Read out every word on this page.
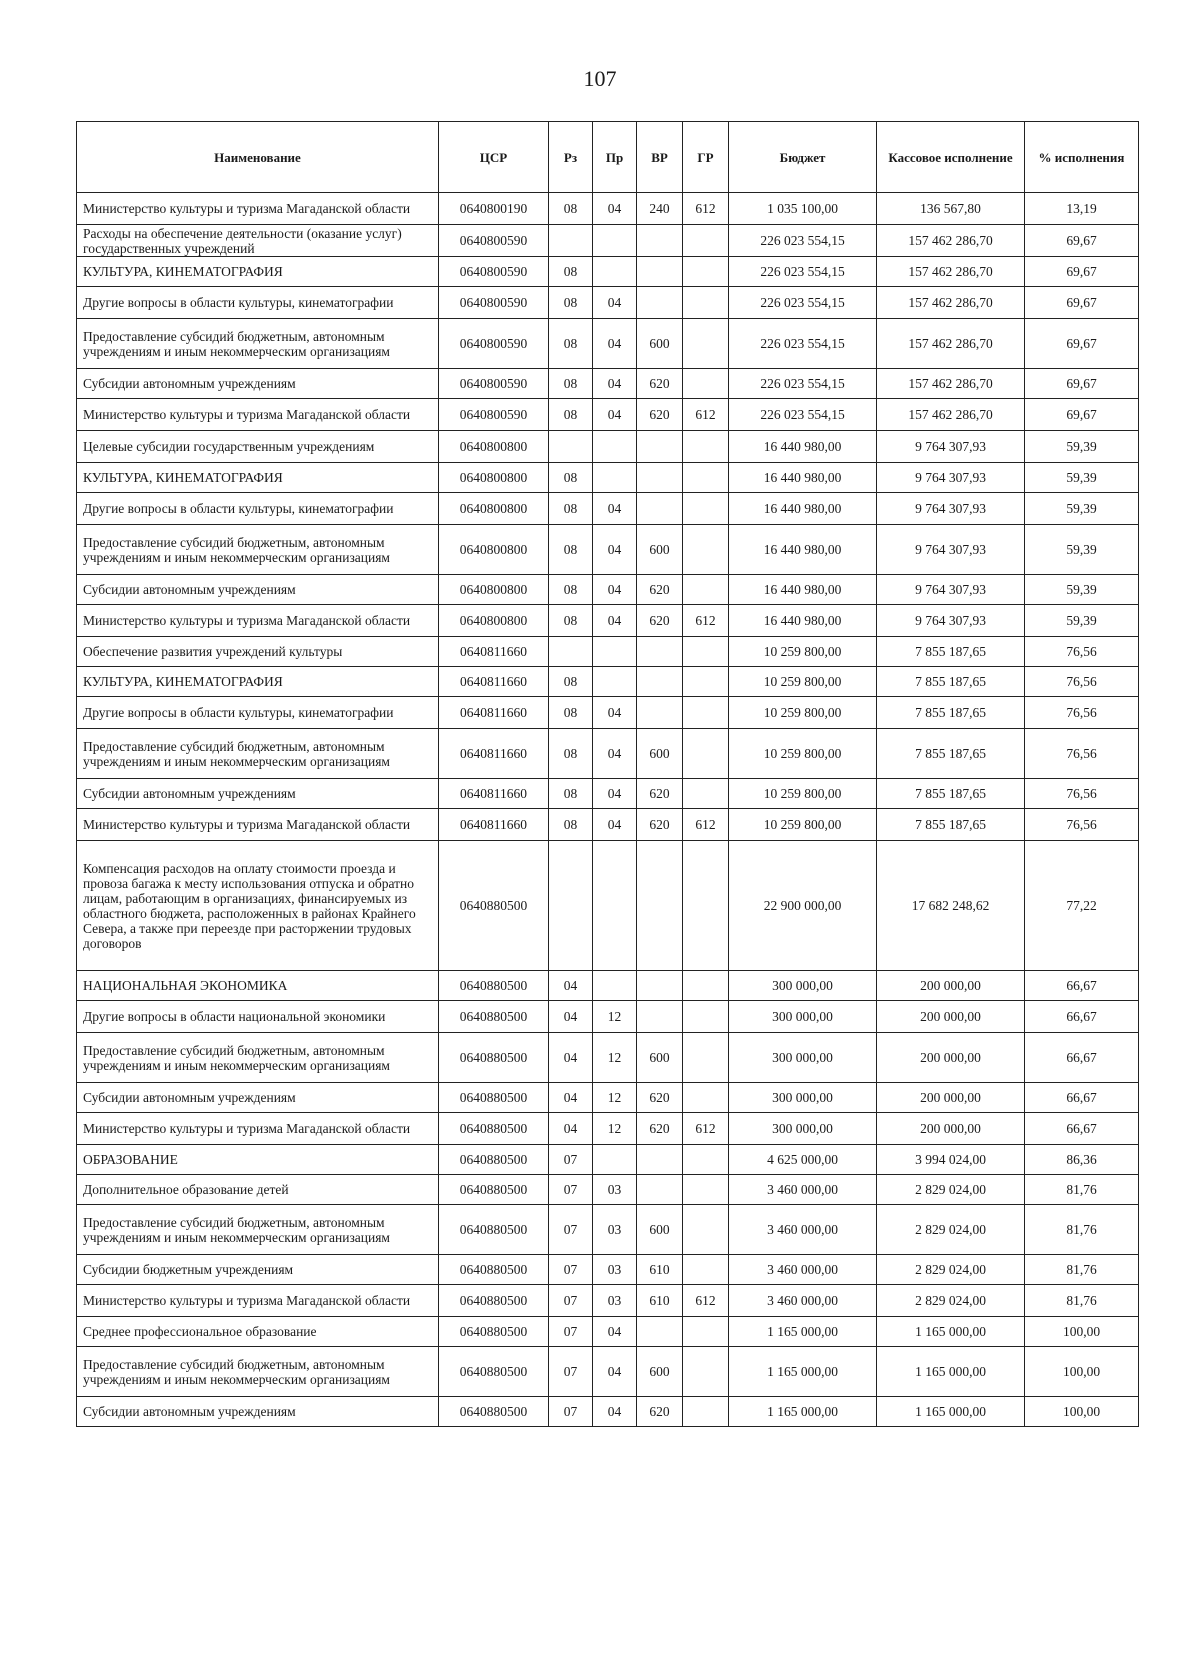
107
Наименование	ЦСР	Рз	Пр	ВР	ГР	Бюджет	Кассовое исполнение	% исполнения
Министерство культуры и туризма Магаданской области	0640800190	08	04	240	612	1 035 100,00	136 567,80	13,19
Расходы на обеспечение деятельности (оказание услуг) государственных учреждений	0640800590					226 023 554,15	157 462 286,70	69,67
КУЛЬТУРА, КИНЕМАТОГРАФИЯ	0640800590	08				226 023 554,15	157 462 286,70	69,67
Другие вопросы в области культуры, кинематографии	0640800590	08	04			226 023 554,15	157 462 286,70	69,67
Предоставление субсидий бюджетным, автономным учреждениям и иным некоммерческим организациям	0640800590	08	04	600		226 023 554,15	157 462 286,70	69,67
Субсидии автономным учреждениям	0640800590	08	04	620		226 023 554,15	157 462 286,70	69,67
Министерство культуры и туризма Магаданской области	0640800590	08	04	620	612	226 023 554,15	157 462 286,70	69,67
Целевые субсидии государственным учреждениям	0640800800					16 440 980,00	9 764 307,93	59,39
КУЛЬТУРА, КИНЕМАТОГРАФИЯ	0640800800	08				16 440 980,00	9 764 307,93	59,39
Другие вопросы в области культуры, кинематографии	0640800800	08	04			16 440 980,00	9 764 307,93	59,39
Предоставление субсидий бюджетным, автономным учреждениям и иным некоммерческим организациям	0640800800	08	04	600		16 440 980,00	9 764 307,93	59,39
Субсидии автономным учреждениям	0640800800	08	04	620		16 440 980,00	9 764 307,93	59,39
Министерство культуры и туризма Магаданской области	0640800800	08	04	620	612	16 440 980,00	9 764 307,93	59,39
Обеспечение развития учреждений культуры	0640811660					10 259 800,00	7 855 187,65	76,56
КУЛЬТУРА, КИНЕМАТОГРАФИЯ	0640811660	08				10 259 800,00	7 855 187,65	76,56
Другие вопросы в области культуры, кинематографии	0640811660	08	04			10 259 800,00	7 855 187,65	76,56
Предоставление субсидий бюджетным, автономным учреждениям и иным некоммерческим организациям	0640811660	08	04	600		10 259 800,00	7 855 187,65	76,56
Субсидии автономным учреждениям	0640811660	08	04	620		10 259 800,00	7 855 187,65	76,56
Министерство культуры и туризма Магаданской области	0640811660	08	04	620	612	10 259 800,00	7 855 187,65	76,56
Компенсация расходов на оплату стоимости проезда и провоза багажа к месту использования отпуска и обратно лицам, работающим в организациях, финансируемых из областного бюджета, расположенных в районах Крайнего Севера, а также при переезде при расторжении трудовых договоров	0640880500					22 900 000,00	17 682 248,62	77,22
НАЦИОНАЛЬНАЯ ЭКОНОМИКА	0640880500	04				300 000,00	200 000,00	66,67
Другие вопросы в области национальной экономики	0640880500	04	12			300 000,00	200 000,00	66,67
Предоставление субсидий бюджетным, автономным учреждениям и иным некоммерческим организациям	0640880500	04	12	600		300 000,00	200 000,00	66,67
Субсидии автономным учреждениям	0640880500	04	12	620		300 000,00	200 000,00	66,67
Министерство культуры и туризма Магаданской области	0640880500	04	12	620	612	300 000,00	200 000,00	66,67
ОБРАЗОВАНИЕ	0640880500	07				4 625 000,00	3 994 024,00	86,36
Дополнительное образование детей	0640880500	07	03			3 460 000,00	2 829 024,00	81,76
Предоставление субсидий бюджетным, автономным учреждениям и иным некоммерческим организациям	0640880500	07	03	600		3 460 000,00	2 829 024,00	81,76
Субсидии бюджетным учреждениям	0640880500	07	03	610		3 460 000,00	2 829 024,00	81,76
Министерство культуры и туризма Магаданской области	0640880500	07	03	610	612	3 460 000,00	2 829 024,00	81,76
Среднее профессиональное образование	0640880500	07	04			1 165 000,00	1 165 000,00	100,00
Предоставление субсидий бюджетным, автономным учреждениям и иным некоммерческим организациям	0640880500	07	04	600		1 165 000,00	1 165 000,00	100,00
Субсидии автономным учреждениям	0640880500	07	04	620		1 165 000,00	1 165 000,00	100,00
